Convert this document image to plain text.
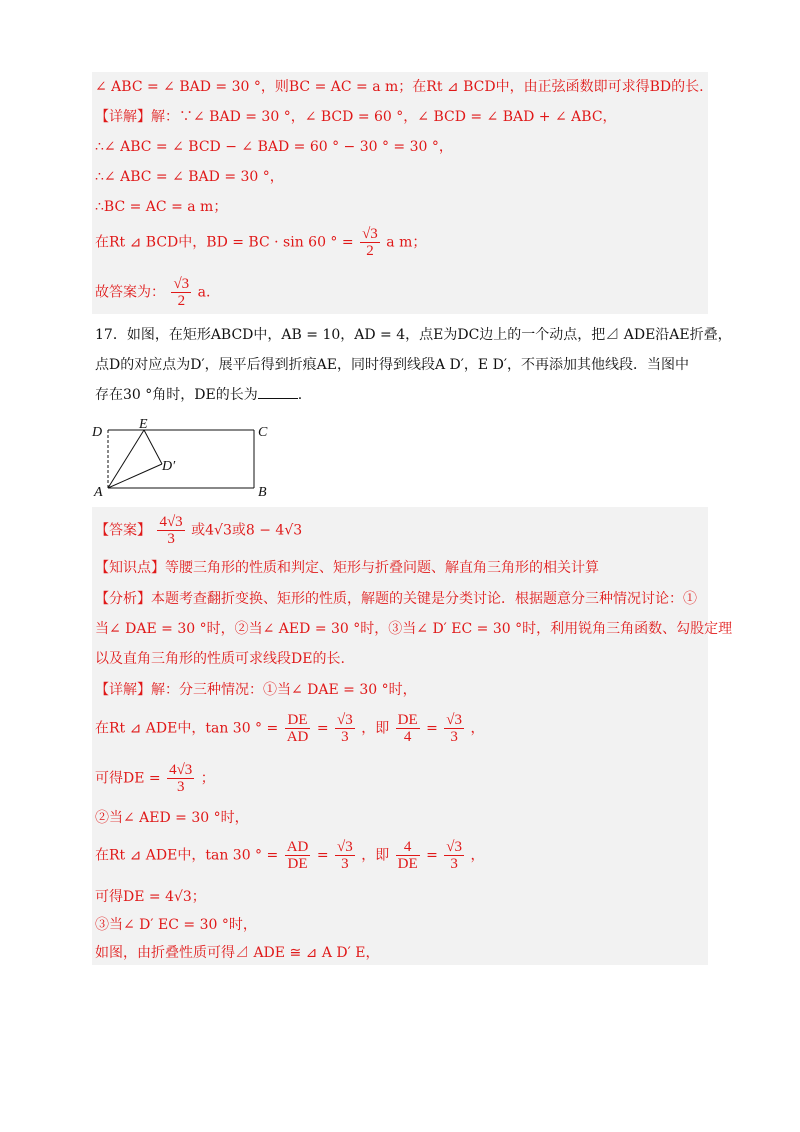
∠ ABC = ∠ BAD = 30 °，则BC = AC = a m；在Rt ⊿ BCD中，由正弦函数即可求得BD的长.
【详解】解：∵∠ BAD = 30 °，∠ BCD = 60 °，∠ BCD = ∠ BAD + ∠ ABC，
∴∠ ABC = ∠ BCD − ∠ BAD = 60 ° − 30 ° = 30 °，
∴∠ ABC = ∠ BAD = 30 °，
∴BC = AC = a m；
在Rt ⊿ BCD中，BD = BC · sin 60 ° = $\frac{√3}{2}$ a m；
故答案为： $\frac{√3}{2} a$.
17．如图，在矩形ABCD中，AB = 10，AD = 4，点E为DC边上的一个动点，把⊿ ADE沿AE折叠，
点D的对应点为D′，展平后得到折痕AE，同时得到线段A D′，E D′，不再添加其他线段．当图中
存在30 °角时，DE的长为	.
D
E
C
D′
A	B
【答案】 $\frac{4√3}{3}$ 或4√3或8 − 4√3
【知识点】等腰三角形的性质和判定、矩形与折叠问题、解直角三角形的相关计算
【分析】本题考查翻折变换、矩形的性质，解题的关键是分类讨论．根据题意分三种情况讨论：①
当∠ DAE = 30 °时，②当∠ AED = 30 °时，③当∠ D′ EC = 30 °时，利用锐角三角函数、勾股定理
以及直角三角形的性质可求线段DE的长.
【详解】解：分三种情况：①当∠ DAE = 30 °时，
在Rt ⊿ ADE中，tan 30 ° = $\frac{DE}{AD} = \frac{√3}{3}$ ，即 $\frac{DE}{4} = \frac{√3}{3}$ ，
可得DE = $\frac{4√3}{3}$ ；
②当∠ AED = 30 °时，
在Rt ⊿ ADE中，tan 30 ° = $\frac{AD}{DE} = \frac{√3}{3}$ ，即 $\frac{4}{DE} = \frac{√3}{3}$ ，
可得DE = 4√3；
③当∠ D′ EC = 30 °时，
如图，由折叠性质可得⊿ ADE ≅ ⊿ A D′ E，
